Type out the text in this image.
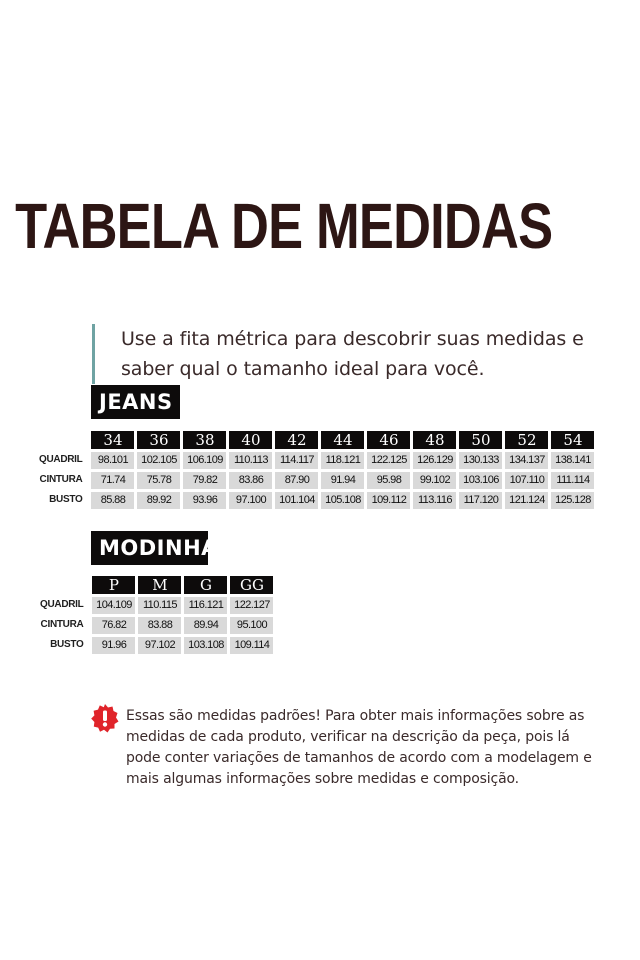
TABELA DE MEDIDAS
Use a fita métrica para descobrir suas medidas e saber qual o tamanho ideal para você.
JEANS
	34	36	38	40	42	44	46	48	50	52	54
QUADRIL	98.101	102.105	106.109	110.113	114.117	118.121	122.125	126.129	130.133	134.137	138.141
CINTURA	71.74	75.78	79.82	83.86	87.90	91.94	95.98	99.102	103.106	107.110	111.114
BUSTO	85.88	89.92	93.96	97.100	101.104	105.108	109.112	113.116	117.120	121.124	125.128
MODINHA
	P	M	G	GG
QUADRIL	104.109	110.115	116.121	122.127
CINTURA	76.82	83.88	89.94	95.100
BUSTO	91.96	97.102	103.108	109.114
Essas são medidas padrões! Para obter mais informações sobre as medidas de cada produto, verificar na descrição da peça, pois lá pode conter variações de tamanhos de acordo com a modelagem e mais algumas informações sobre medidas e composição.
